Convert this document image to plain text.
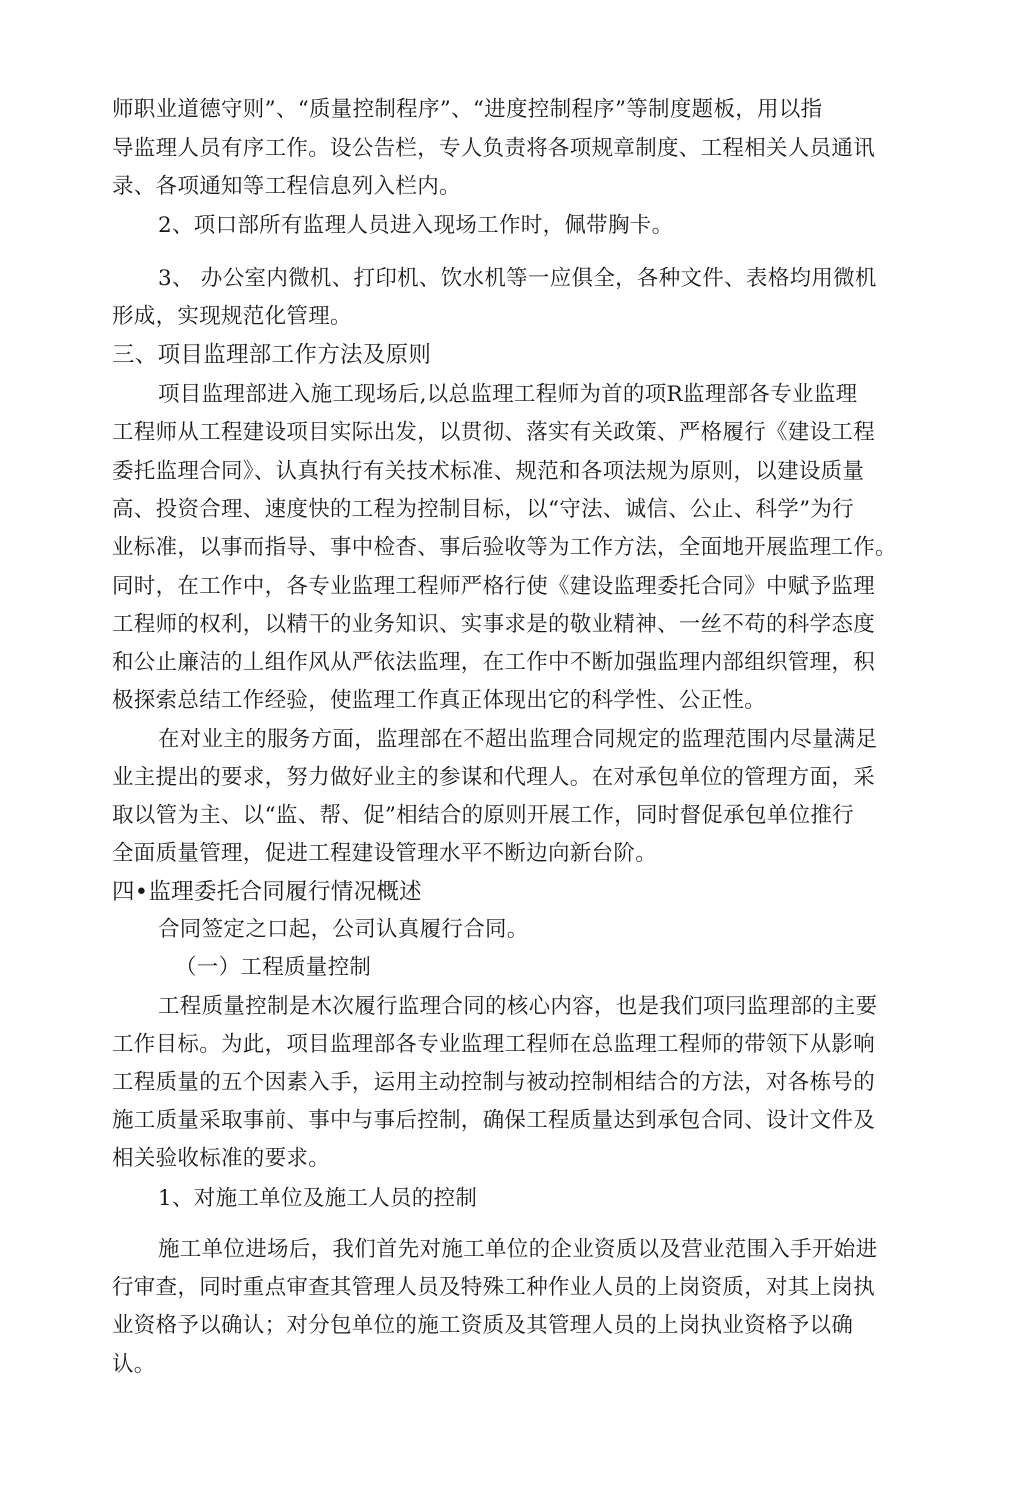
师职业道德守则”、“质量控制程序”、“进度控制程序”等制度题板，用以指
导监理人员有序工作。设公告栏，专人负责将各项规章制度、工程相关人员通讯
录、各项通知等工程信息列入栏内。
2、项口部所有监理人员进入现场工作时，佩带胸卡。
3、 办公室内微机、打印机、饮水机等一应俱全，各种文件、表格均用微机
形成，实现规范化管理。
三、项目监理部工作方法及原则
项目监理部进入施工现场后,以总监理工程师为首的项R监理部各专业监理
工程师从工程建设项目实际出发，以贯彻、落实有关政策、严格履行《建设工程
委托监理合同》、认真执行有关技术标准、规范和各项法规为原则，以建设质量
高、投资合理、速度快的工程为控制目标，以“守法、诚信、公止、科学”为行
业标准，以事而指导、事中检杳、事后验收等为工作方法，全面地开展监理工作。
同时，在工作中，各专业监理工程师严格行使《建设监理委托合同》中赋予监理
工程师的权利，以精干的业务知识、实事求是的敬业精神、一丝不苟的科学态度
和公止廉洁的丄组作风从严依法监理，在工作中不断加强监理内部组织管理，积
极探索总结工作经验，使监理工作真正体现出它的科学性、公正性。
在对业主的服务方面，监理部在不超出监理合同规定的监理范围内尽量满足
业主提出的要求，努力做好业主的参谋和代理人。在对承包单位的管理方面，采
取以管为主、以“监、帮、促”相结合的原则开展工作，同时督促承包单位推行
全面质量管理，促进工程建设管理水平不断边向新台阶。
四•监理委托合同履行情况概述
合同签定之口起，公司认真履行合同。
（一）工程质量控制
工程质量控制是木次履行监理合同的核心内容，也是我们项冃监理部的主要
工作目标。为此，项目监理部各专业监理工程师在总监理工程师的带领下从影响
工程质量的五个因素入手，运用主动控制与被动控制相结合的方法，对各栋号的
施工质量采取事前、事中与事后控制，确保工程质量达到承包合同、设计文件及
相关验收标准的要求。
1、对施工单位及施工人员的控制
施工单位进场后，我们首先对施工单位的企业资质以及营业范围入手开始进
行审查，同时重点审查其管理人员及特殊工种作业人员的上岗资质，对其上岗执
业资格予以确认；对分包单位的施工资质及其管理人员的上岗执业资格予以确
认。
